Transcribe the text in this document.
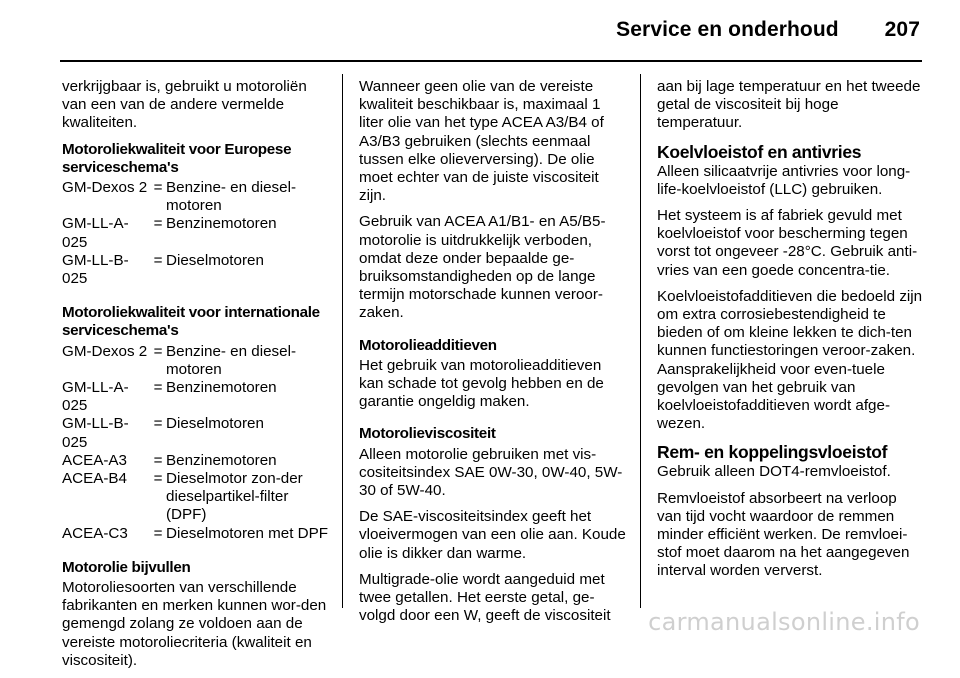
Service en onderhoud 207

verkrijgbaar is, gebruikt u motoroliën van een van de andere vermelde kwaliteiten.

Motoroliekwaliteit voor Europese serviceschema's
GM-Dexos 2	=	Benzine- en diesel-motoren
GM-LL-A-025	=	Benzinemotoren
GM-LL-B-025	=	Dieselmotoren
Motoroliekwaliteit voor internationale serviceschema's
GM-Dexos 2	=	Benzine- en diesel-motoren
GM-LL-A-025	=	Benzinemotoren
GM-LL-B-025	=	Dieselmotoren
ACEA-A3	=	Benzinemotoren
ACEA-B4	=	Dieselmotor zon-der dieselpartikel-filter (DPF)
ACEA-C3	=	Dieselmotoren met DPF
Motorolie bijvullen

Motoroliesoorten van verschillende fabrikanten en merken kunnen wor-den gemengd zolang ze voldoen aan de vereiste motoroliecriteria (kwaliteit en viscositeit).

Wanneer geen olie van de vereiste kwaliteit beschikbaar is, maximaal 1 liter olie van het type ACEA A3/B4 of A3/B3 gebruiken (slechts eenmaal tussen elke olieverversing). De olie moet echter van de juiste viscositeit zijn.

Gebruik van ACEA A1/B1- en A5/B5-motorolie is uitdrukkelijk verboden, omdat deze onder bepaalde ge-bruiksomstandigheden op de lange termijn motorschade kunnen veroor-zaken.

Motorolieadditieven

Het gebruik van motorolieadditieven kan schade tot gevolg hebben en de garantie ongeldig maken.

Motorolieviscositeit

Alleen motorolie gebruiken met vis-cositeitsindex SAE 0W-30, 0W-40, 5W-30 of 5W-40.

De SAE-viscositeitsindex geeft het vloeivermogen van een olie aan. Koude olie is dikker dan warme.

Multigrade-olie wordt aangeduid met twee getallen. Het eerste getal, ge-volgd door een W, geeft de viscositeit

aan bij lage temperatuur en het tweede getal de viscositeit bij hoge temperatuur.

Koelvloeistof en antivries

Alleen silicaatvrije antivries voor long-life-koelvloeistof (LLC) gebruiken.

Het systeem is af fabriek gevuld met koelvloeistof voor bescherming tegen vorst tot ongeveer -28°C. Gebruik anti-vries van een goede concentra-tie.

Koelvloeistofadditieven die bedoeld zijn om extra corrosiebestendigheid te bieden of om kleine lekken te dich-ten kunnen functiestoringen veroor-zaken. Aansprakelijkheid voor even-tuele gevolgen van het gebruik van koelvloeistofadditieven wordt afge-wezen.

Rem- en koppelingsvloeistof

Gebruik alleen DOT4-remvloeistof.

Remvloeistof absorbeert na verloop van tijd vocht waardoor de remmen minder efficiënt werken. De remvloei-stof moet daarom na het aangegeven interval worden ververst.

carmanualsonline.info
